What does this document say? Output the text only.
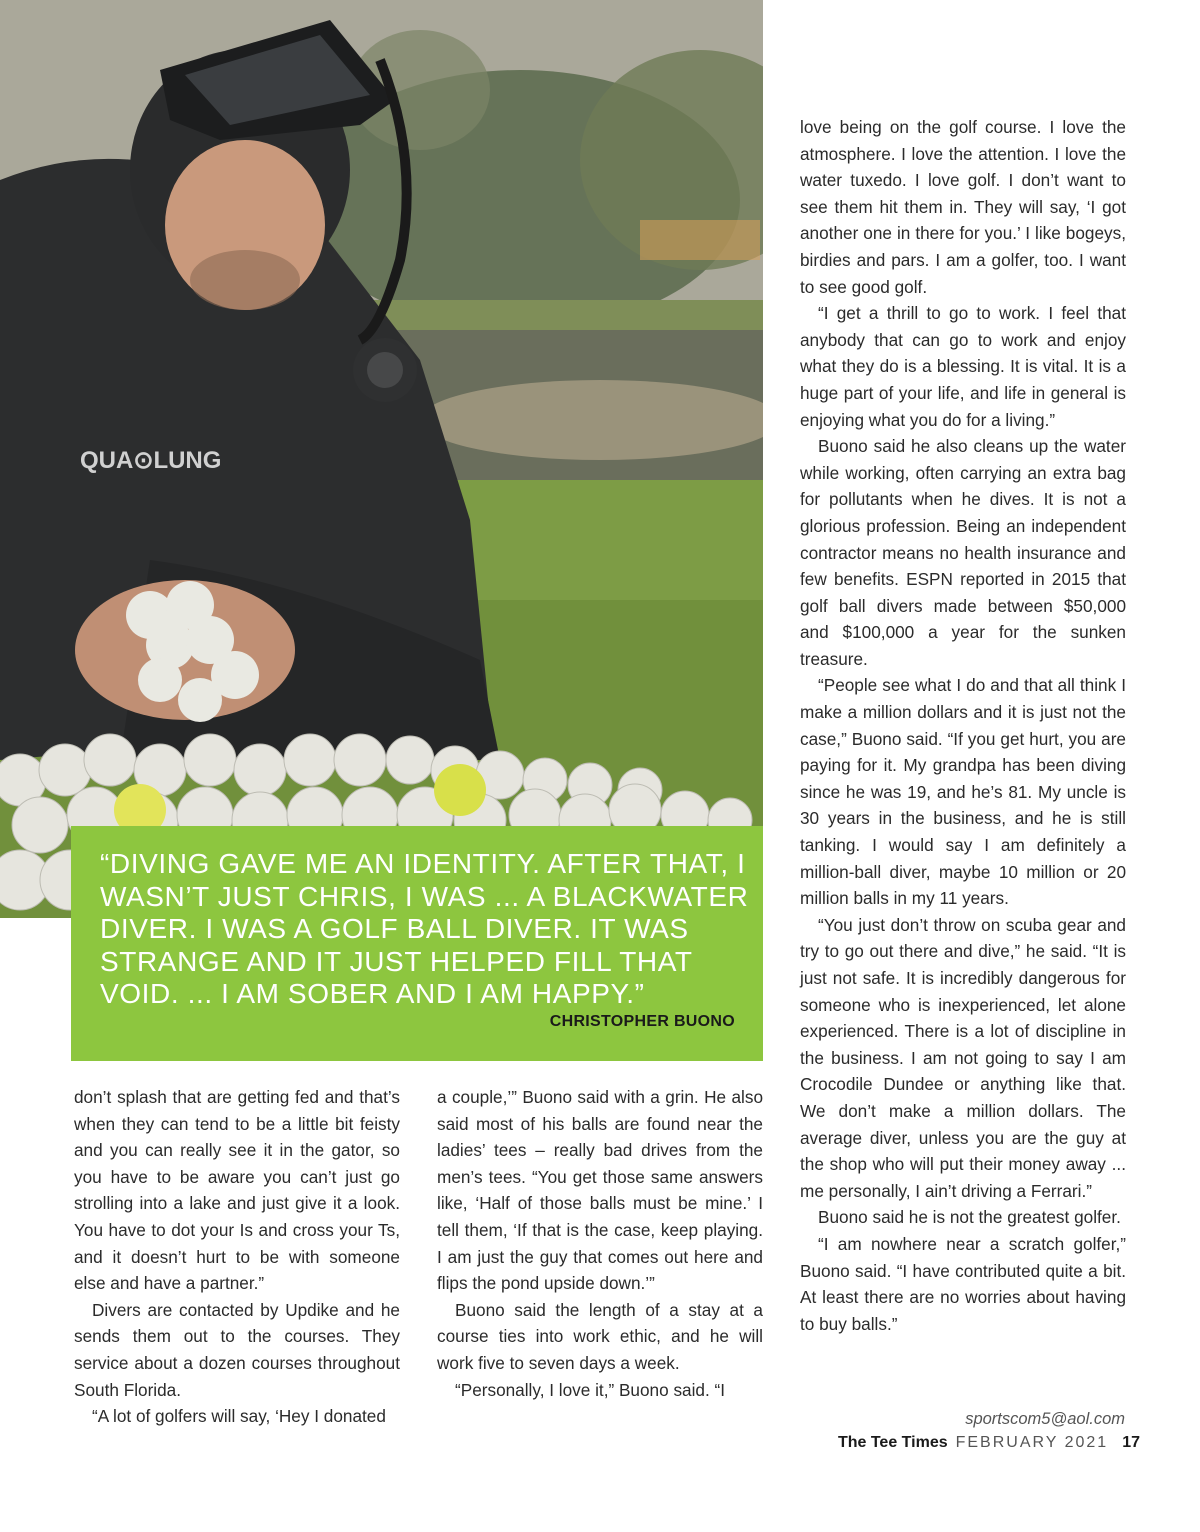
QUA⊙LUNG
“DIVING GAVE ME AN IDENTITY. AFTER THAT, I WASN’T JUST CHRIS, I WAS ... A BLACKWATER DIVER. I WAS A GOLF BALL DIVER. IT WAS STRANGE AND IT JUST HELPED FILL THAT VOID. ... I AM SOBER AND I AM HAPPY.”
CHRISTOPHER BUONO

don’t splash that are getting fed and that’s when they can tend to be a little bit feisty and you can really see it in the gator, so you have to be aware you can’t just go strolling into a lake and just give it a look. You have to dot your Is and cross your Ts, and it doesn’t hurt to be with someone else and have a partner.”

Divers are contacted by Updike and he sends them out to the courses. They service about a dozen courses throughout South Florida.

“A lot of golfers will say, ‘Hey I donated

a couple,’” Buono said with a grin. He also said most of his balls are found near the ladies’ tees – really bad drives from the men’s tees. “You get those same answers like, ‘Half of those balls must be mine.’ I tell them, ‘If that is the case, keep playing. I am just the guy that comes out here and flips the pond upside down.’”

Buono said the length of a stay at a course ties into work ethic, and he will work five to seven days a week.

“Personally, I love it,” Buono said. “I

love being on the golf course. I love the atmosphere. I love the attention. I love the water tuxedo. I love golf. I don’t want to see them hit them in. They will say, ‘I got another one in there for you.’ I like bogeys, birdies and pars. I am a golfer, too. I want to see good golf.

“I get a thrill to go to work. I feel that anybody that can go to work and enjoy what they do is a blessing. It is vital. It is a huge part of your life, and life in general is enjoying what you do for a living.”

Buono said he also cleans up the water while working, often carrying an extra bag for pollutants when he dives. It is not a glorious profession. Being an independent contractor means no health insurance and few benefits. ESPN reported in 2015 that golf ball divers made between $50,000 and $100,000 a year for the sunken treasure.

“People see what I do and that all think I make a million dollars and it is just not the case,” Buono said. “If you get hurt, you are paying for it. My grandpa has been diving since he was 19, and he’s 81. My uncle is 30 years in the business, and he is still tanking. I would say I am definitely a million-ball diver, maybe 10 million or 20 million balls in my 11 years.

“You just don’t throw on scuba gear and try to go out there and dive,” he said. “It is just not safe. It is incredibly dangerous for someone who is inexperienced, let alone experienced. There is a lot of discipline in the business. I am not going to say I am Crocodile Dundee or anything like that. We don’t make a million dollars. The average diver, unless you are the guy at the shop who will put their money away ... me personally, I ain’t driving a Ferrari.”

Buono said he is not the greatest golfer.

“I am nowhere near a scratch golfer,” Buono said. “I have contributed quite a bit. At least there are no worries about having to buy balls.”

sportscom5@aol.com
The Tee Times FEBRUARY 2021 17
